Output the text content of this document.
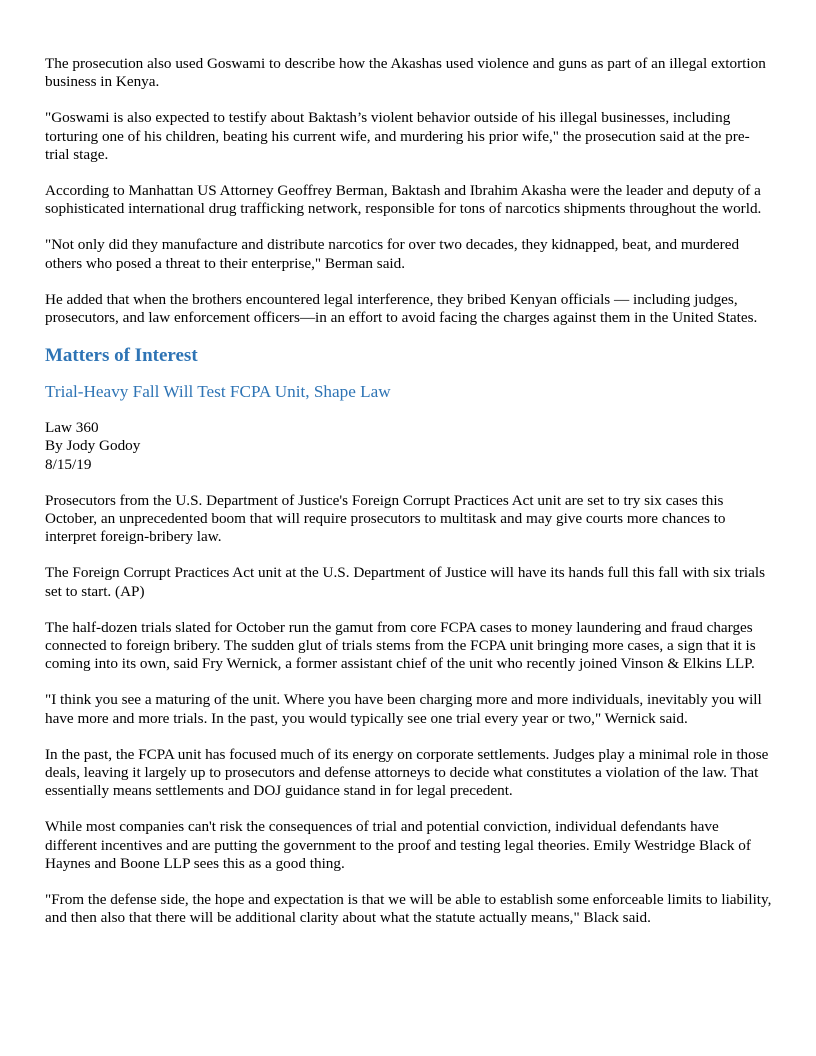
The prosecution also used Goswami to describe how the Akashas used violence and guns as part of an illegal extortion business in Kenya.

"Goswami is also expected to testify about Baktash’s violent behavior outside of his illegal businesses, including torturing one of his children, beating his current wife, and murdering his prior wife," the prosecution said at the pre-trial stage.

According to Manhattan US Attorney Geoffrey Berman, Baktash and Ibrahim Akasha were the leader and deputy of a sophisticated international drug trafficking network, responsible for tons of narcotics shipments throughout the world.

"Not only did they manufacture and distribute narcotics for over two decades, they kidnapped, beat, and murdered others who posed a threat to their enterprise," Berman said.

He added that when the brothers encountered legal interference, they bribed Kenyan officials — including judges, prosecutors, and law enforcement officers—in an effort to avoid facing the charges against them in the United States.

Matters of Interest
Trial-Heavy Fall Will Test FCPA Unit, Shape Law
Law 360
By Jody Godoy
8/15/19

Prosecutors from the U.S. Department of Justice's Foreign Corrupt Practices Act unit are set to try six cases this October, an unprecedented boom that will require prosecutors to multitask and may give courts more chances to interpret foreign-bribery law.

The Foreign Corrupt Practices Act unit at the U.S. Department of Justice will have its hands full this fall with six trials set to start. (AP)

The half-dozen trials slated for October run the gamut from core FCPA cases to money laundering and fraud charges connected to foreign bribery. The sudden glut of trials stems from the FCPA unit bringing more cases, a sign that it is coming into its own, said Fry Wernick, a former assistant chief of the unit who recently joined Vinson & Elkins LLP.

"I think you see a maturing of the unit. Where you have been charging more and more individuals, inevitably you will have more and more trials. In the past, you would typically see one trial every year or two," Wernick said.

In the past, the FCPA unit has focused much of its energy on corporate settlements. Judges play a minimal role in those deals, leaving it largely up to prosecutors and defense attorneys to decide what constitutes a violation of the law. That essentially means settlements and DOJ guidance stand in for legal precedent.

While most companies can't risk the consequences of trial and potential conviction, individual defendants have different incentives and are putting the government to the proof and testing legal theories. Emily Westridge Black of Haynes and Boone LLP sees this as a good thing.

"From the defense side, the hope and expectation is that we will be able to establish some enforceable limits to liability, and then also that there will be additional clarity about what the statute actually means," Black said.
